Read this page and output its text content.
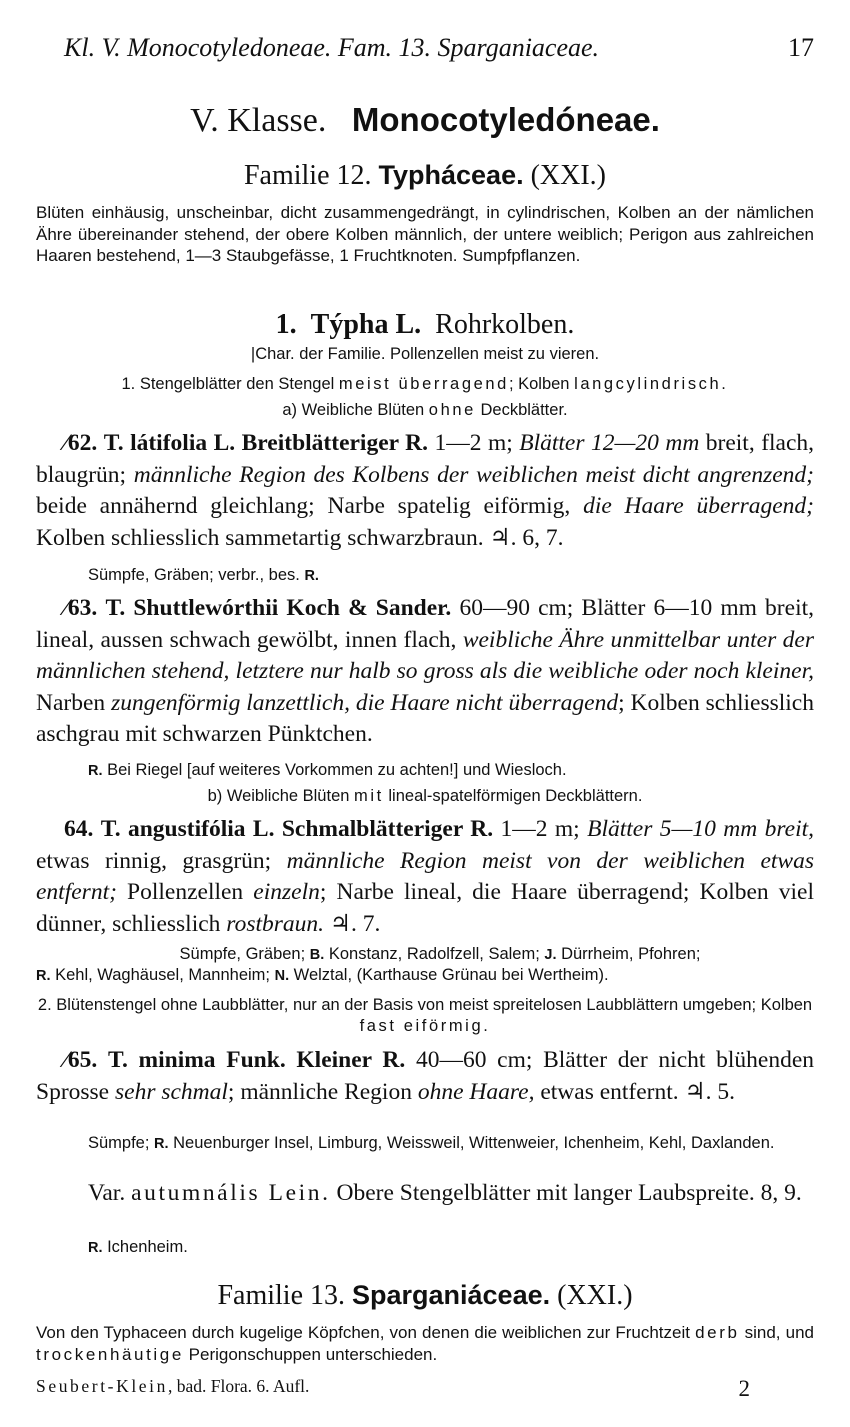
Kl. V. Monocotyledoneae. Fam. 13. Sparganiaceae.	17
V. Klasse. Monocotyledóneae.
Familie 12. Typháceae. (XXI.)

Blüten einhäusig, unscheinbar, dicht zusammengedrängt, in cylindrischen, Kolben an der nämlichen Ähre übereinander stehend, der obere Kolben männlich, der untere weiblich; Perigon aus zahlreichen Haaren bestehend, 1—3 Staubgefässe, 1 Fruchtknoten. Sumpfpflanzen.

1. Týpha L. Rohrkolben.
|Char. der Familie. Pollenzellen meist zu vieren.
1. Stengelblätter den Stengel meist überragend; Kolben langcylindrisch.
a) Weibliche Blüten ohne Deckblätter.

⁄62. T. látifolia L. Breitblätteriger R. 1—2 m; Blätter 12—20 mm breit, flach, blaugrün; männliche Region des Kolbens der weiblichen meist dicht angrenzend; beide annähernd gleichlang; Narbe spatelig eiförmig, die Haare überragend; Kolben schliesslich sammetartig schwarzbraun. ♃. 6, 7.

Sümpfe, Gräben; verbr., bes. R.

⁄63. T. Shuttlewórthii Koch & Sander. 60—90 cm; Blätter 6—10 mm breit, lineal, aussen schwach gewölbt, innen flach, weibliche Ähre unmittelbar unter der männlichen stehend, letztere nur halb so gross als die weibliche oder noch kleiner, Narben zungenförmig lanzettlich, die Haare nicht überragend; Kolben schliesslich aschgrau mit schwarzen Pünktchen.

R. Bei Riegel [auf weiteres Vorkommen zu achten!] und Wiesloch.
b) Weibliche Blüten mit lineal-spatelförmigen Deckblättern.

64. T. angustifólia L. Schmalblätteriger R. 1—2 m; Blätter 5—10 mm breit, etwas rinnig, grasgrün; männliche Region meist von der weiblichen etwas entfernt; Pollenzellen einzeln; Narbe lineal, die Haare überragend; Kolben viel dünner, schliesslich rostbraun. ♃. 7.

Sümpfe, Gräben; B. Konstanz, Radolfzell, Salem; J. Dürrheim, Pfohren;
R. Kehl, Waghäusel, Mannheim; N. Welztal, (Karthause Grünau bei Wertheim).
2. Blütenstengel ohne Laubblätter, nur an der Basis von meist spreitelosen Laubblättern umgeben; Kolben fast eiförmig.

⁄65. T. minima Funk. Kleiner R. 40—60 cm; Blätter der nicht blühenden Sprosse sehr schmal; männliche Region ohne Haare, etwas entfernt. ♃. 5.

Sümpfe; R. Neuenburger Insel, Limburg, Weissweil, Wittenweier, Ichenheim, Kehl, Daxlanden.

Var. autumnális Lein. Obere Stengelblätter mit langer Laubspreite. 8, 9.

R. Ichenheim.
Familie 13. Sparganiáceae. (XXI.)

Von den Typhaceen durch kugelige Köpfchen, von denen die weiblichen zur Fruchtzeit derb sind, und trockenhäutige Perigonschuppen unterschieden.

Seubert-Klein, bad. Flora. 6. Aufl.	2
